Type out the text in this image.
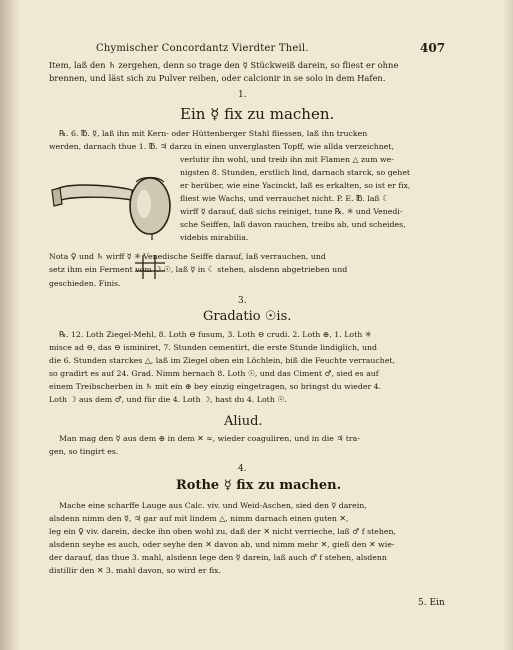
Chymischer Concordantz Vierdter Theil.	407

Item, laß den ♄ zergehen, denn so trage den ☿ Stückweiß darein, so fliest er ohne

brennen, und läst sich zu Pulver reiben, oder calcionir in se solo in dem Hafen.

1.

Ein ☿ fix zu machen.

℞. 6. ℔. ☿, laß ihn mit Kern- oder Hüttenberger Stahl fliessen, laß ihn trucken

werden, darnach thue 1. ℔. ♃ darzu in einen unverglasten Topff, wie allda verzeichnet,

verlutir ihn wohl, und treib ihn mit Flamen △ zum we-

nigsten 8. Stunden, erstlich lind, darnach starck, so gehet

er herüber, wie eine Yacinckt, laß es erkalten, so ist er fix,

fliest wie Wachs, und verrauchet nicht. P. E. ℔. laß ☾

wirff ☿ darauf, daß sichs reiniget, tune ℞. ✳ und Venedi-

sche Seiffen, laß davon rauchen, treibs ab, und scheides,

videbis mirabilia.

Nota ♀ und ♄ wirff ☿ ✳ Venedische Seiffe darauf, laß verrauchen, und

setz ihm ein Ferment vom ☽ ☉, laß ☿ in ☾ stehen, alsdenn abgetrieben und

geschieden. Finis.

3.

Gradatio ☉is.

℞. 12. Loth Ziegel-Mehl, 8. Loth ⊖ fusum, 3. Loth ⊖ crudi. 2. Loth ⊕, 1. Loth ✳

misce ad ⊖, das ⊖ isminiret, 7. Stunden cementirt, die erste Stunde lindiglich, und

die 6. Stunden starckes △, laß im Ziegel oben ein Löchlein, biß die Feuchte verrauchet,

so gradirt es auf 24. Grad. Nimm hernach 8. Loth ☉, und das Ciment ♂, sied es auf

einem Treibscherben in ♄ mit ein ⊕ bey einzig eingetragen, so bringst du wieder 4.

Loth ☽ aus dem ♂, und für die 4. Loth ☽, hast du 4. Loth ☉.

Aliud.

Man mag den ☿ aus dem ⊕ in dem ✕ ≈, wieder coaguliren, und in die ♃ tra-

gen, so tingirt es.

4.

Rothe ☿ fix zu machen.

Mache eine scharffe Lauge aus Calc. viv. und Weid-Aschen, sied den ☿ darein,

alsdenn nimm den ☿, ♃ gar auf mit lindem △, nimm darnach einen guten ✕,

leg ein ♀ viv. darein, decke ihn oben wohl zu, daß der ✕ nicht verrieche, laß ♂ f stehen,

alsdenn seyhe es auch, oder seyhe den ✕ davon ab, und nimm mehr ✕, gieß den ✕ wie-

der darauf, das thue 3. mahl, alsdenn lege den ☿ darein, laß auch ♂ f stehen, alsdenn

distillir den ✕ 3. mahl davon, so wird er fix.

5. Ein
